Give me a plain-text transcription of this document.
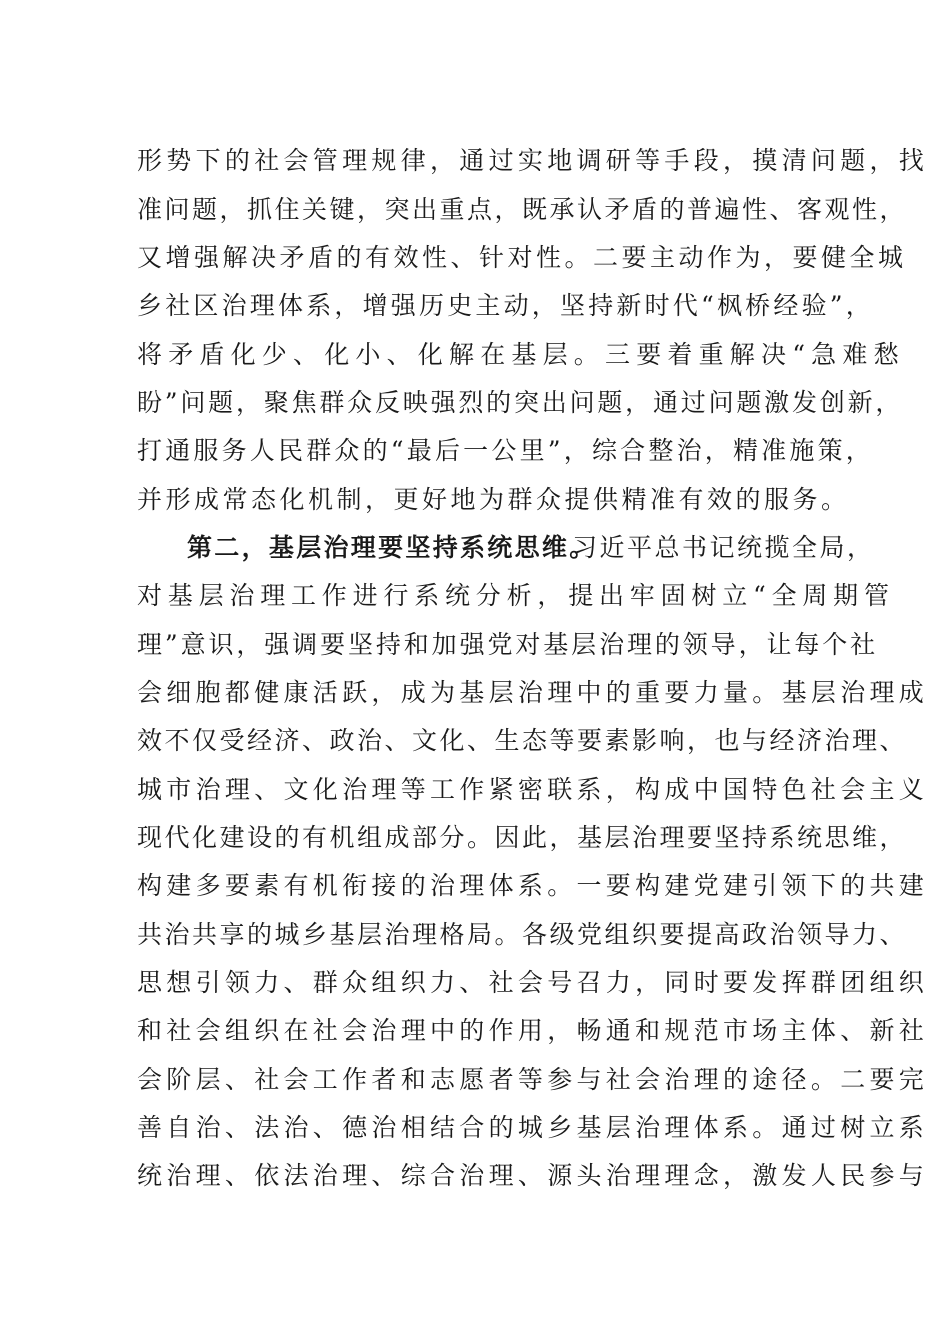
形势下的社会管理规律，通过实地调研等手段，摸清问题，找
准问题，抓住关键，突出重点，既承认矛盾的普遍性、客观性，
又增强解决矛盾的有效性、针对性。二要主动作为，要健全城
乡社区治理体系，增强历史主动，坚持新时代“枫桥经验”，
将矛盾化少、化小、化解在基层。三要着重解决“急难愁
盼”问题，聚焦群众反映强烈的突出问题，通过问题激发创新，
打通服务人民群众的“最后一公里”，综合整治，精准施策，
并形成常态化机制，更好地为群众提供精准有效的服务。
第二，基层治理要坚持系统思维。
习近平总书记统揽全局，
对基层治理工作进行系统分析，提出牢固树立“全周期管
理”意识，强调要坚持和加强党对基层治理的领导，让每个社
会细胞都健康活跃，成为基层治理中的重要力量。基层治理成
效不仅受经济、政治、文化、生态等要素影响，也与经济治理、
城市治理、文化治理等工作紧密联系，构成中国特色社会主义
现代化建设的有机组成部分。因此，基层治理要坚持系统思维，
构建多要素有机衔接的治理体系。一要构建党建引领下的共建
共治共享的城乡基层治理格局。各级党组织要提高政治领导力、
思想引领力、群众组织力、社会号召力，同时要发挥群团组织
和社会组织在社会治理中的作用，畅通和规范市场主体、新社
会阶层、社会工作者和志愿者等参与社会治理的途径。二要完
善自治、法治、德治相结合的城乡基层治理体系。通过树立系
统治理、依法治理、综合治理、源头治理理念，激发人民参与
